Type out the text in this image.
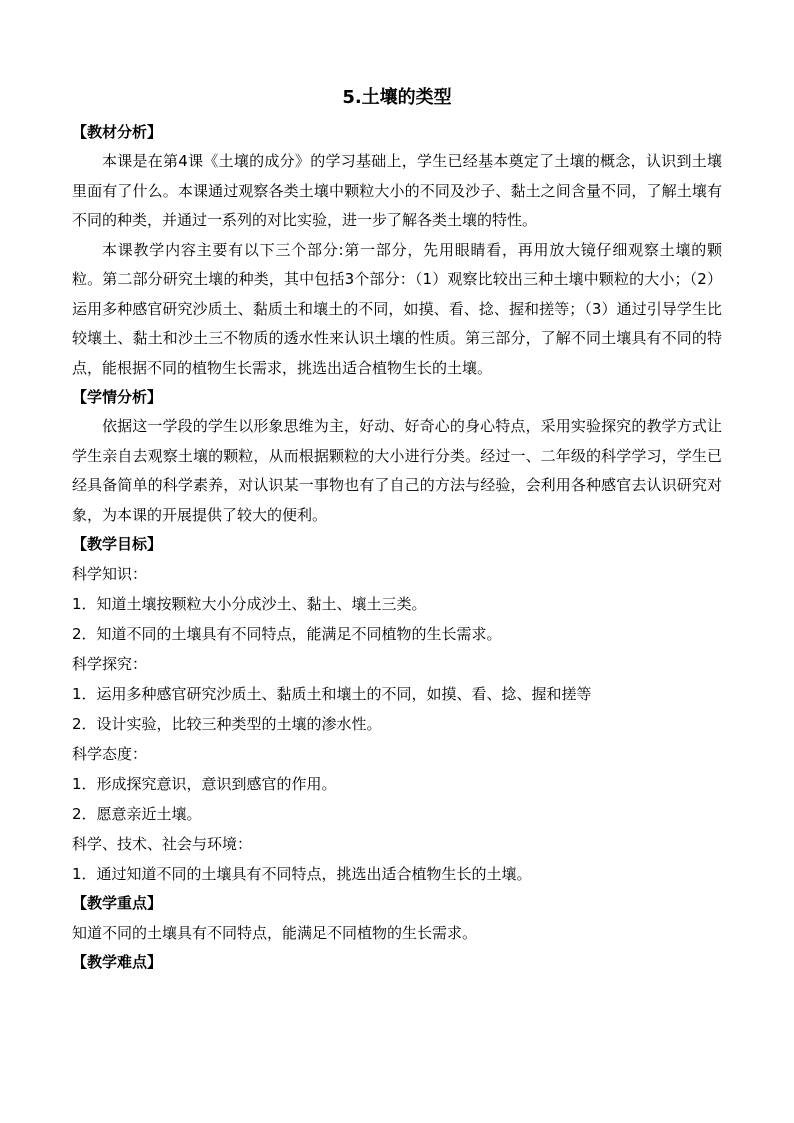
5.土壤的类型

【教材分析】

本课是在第4课《土壤的成分》的学习基础上，学生已经基本奠定了土壤的概念，认识到土壤里面有了什么。本课通过观察各类土壤中颗粒大小的不同及沙子、黏土之间含量不同，了解土壤有不同的种类，并通过一系列的对比实验，进一步了解各类土壤的特性。

本课教学内容主要有以下三个部分:第一部分，先用眼睛看，再用放大镜仔细观察土壤的颗粒。第二部分研究土壤的种类，其中包括3个部分：（1）观察比较出三种土壤中颗粒的大小；（2）运用多种感官研究沙质土、黏质土和壤土的不同，如摸、看、捻、握和搓等；（3）通过引导学生比较壤土、黏土和沙土三不物质的透水性来认识土壤的性质。第三部分，了解不同土壤具有不同的特点，能根据不同的植物生长需求，挑选出适合植物生长的土壤。

【学情分析】

依据这一学段的学生以形象思维为主，好动、好奇心的身心特点，采用实验探究的教学方式让学生亲自去观察土壤的颗粒，从而根据颗粒的大小进行分类。经过一、二年级的科学学习，学生已经具备简单的科学素养，对认识某一事物也有了自己的方法与经验，会利用各种感官去认识研究对象，为本课的开展提供了较大的便利。

【教学目标】

科学知识：

1．知道土壤按颗粒大小分成沙土、黏土、壤土三类。

2．知道不同的土壤具有不同特点，能满足不同植物的生长需求。

科学探究：

1．运用多种感官研究沙质土、黏质土和壤土的不同，如摸、看、捻、握和搓等

2．设计实验，比较三种类型的土壤的渗水性。

科学态度：

1．形成探究意识，意识到感官的作用。

2．愿意亲近土壤。

科学、技术、社会与环境：

1．通过知道不同的土壤具有不同特点，挑选出适合植物生长的土壤。

【教学重点】

知道不同的土壤具有不同特点，能满足不同植物的生长需求。

【教学难点】
